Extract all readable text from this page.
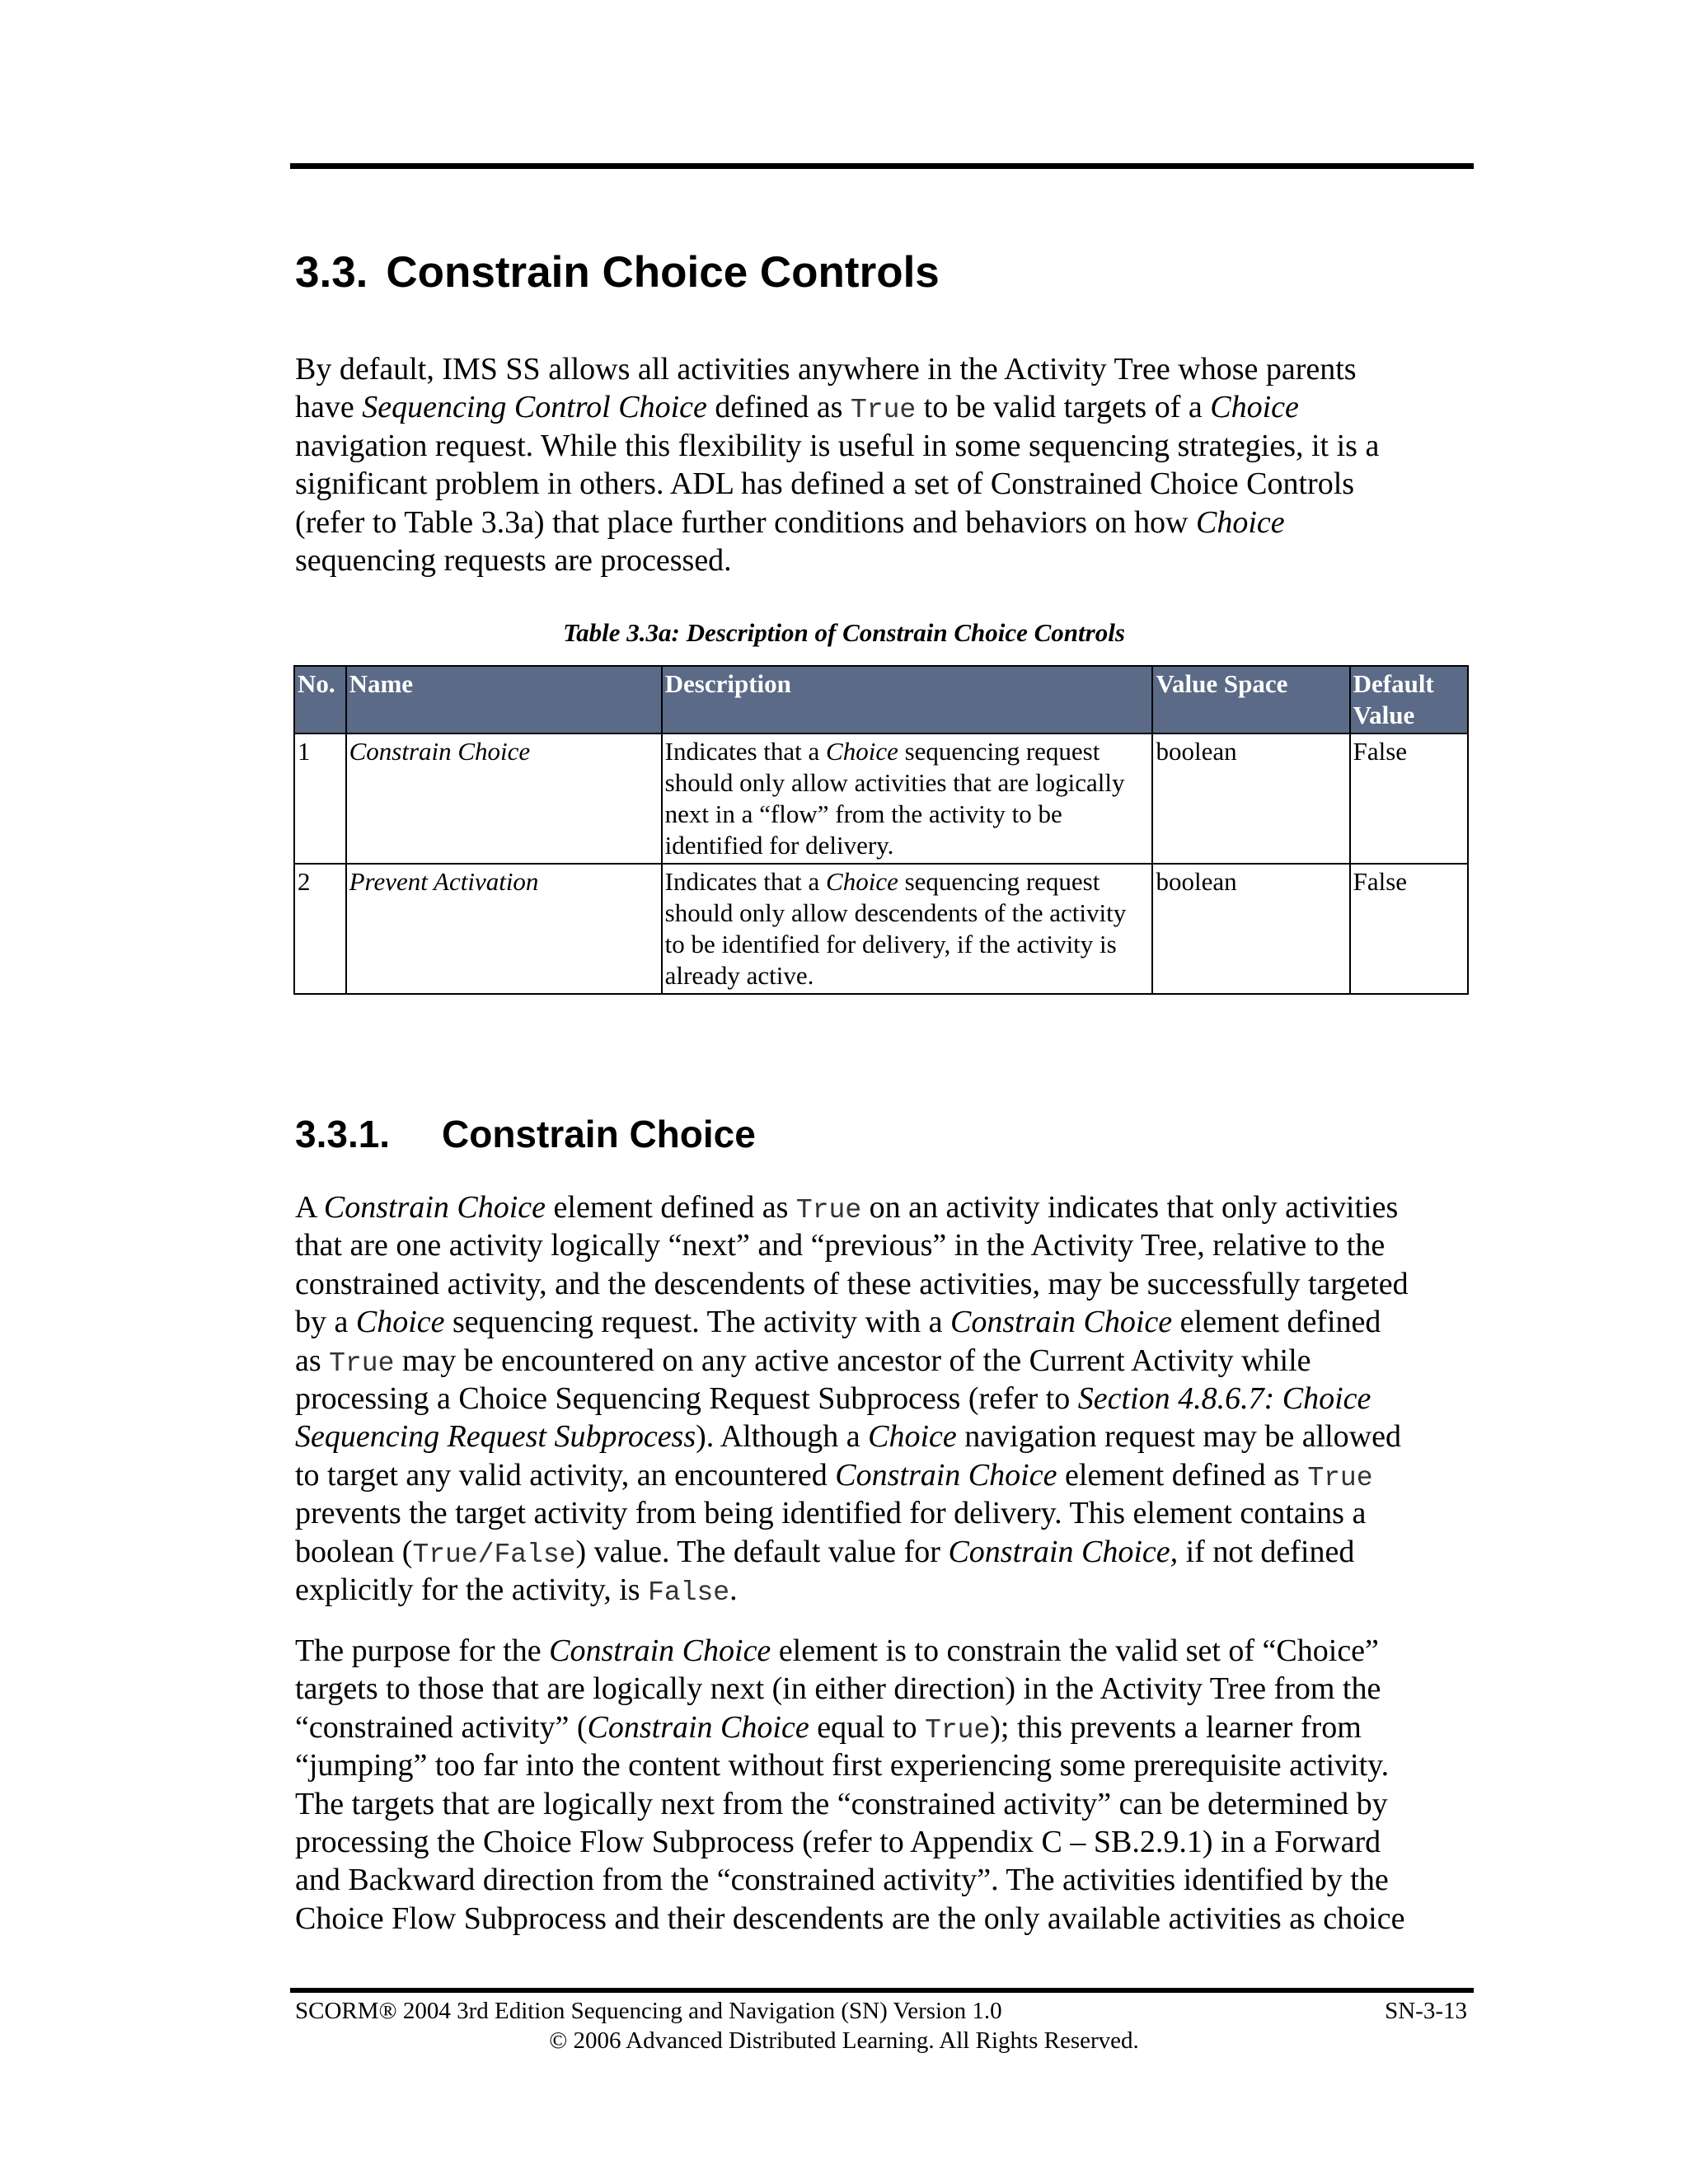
3.3. Constrain Choice Controls
By default, IMS SS allows all activities anywhere in the Activity Tree whose parents
have Sequencing Control Choice defined as True to be valid targets of a Choice
navigation request. While this flexibility is useful in some sequencing strategies, it is a
significant problem in others. ADL has defined a set of Constrained Choice Controls
(refer to Table 3.3a) that place further conditions and behaviors on how Choice
sequencing requests are processed.
Table 3.3a: Description of Constrain Choice Controls
No.	Name	Description	Value Space	Default Value
1	Constrain Choice	Indicates that a Choice sequencing request should only allow activities that are logically next in a “flow” from the activity to be identified for delivery.	boolean	False
2	Prevent Activation	Indicates that a Choice sequencing request should only allow descendents of the activity to be identified for delivery, if the activity is already active.	boolean	False
3.3.1. Constrain Choice
A Constrain Choice element defined as True on an activity indicates that only activities
that are one activity logically “next” and “previous” in the Activity Tree, relative to the
constrained activity, and the descendents of these activities, may be successfully targeted
by a Choice sequencing request. The activity with a Constrain Choice element defined
as True may be encountered on any active ancestor of the Current Activity while
processing a Choice Sequencing Request Subprocess (refer to Section 4.8.6.7: Choice
Sequencing Request Subprocess). Although a Choice navigation request may be allowed
to target any valid activity, an encountered Constrain Choice element defined as True
prevents the target activity from being identified for delivery. This element contains a
boolean (True/False) value. The default value for Constrain Choice, if not defined
explicitly for the activity, is False.
The purpose for the Constrain Choice element is to constrain the valid set of “Choice”
targets to those that are logically next (in either direction) in the Activity Tree from the
“constrained activity” (Constrain Choice equal to True); this prevents a learner from
“jumping” too far into the content without first experiencing some prerequisite activity.
The targets that are logically next from the “constrained activity” can be determined by
processing the Choice Flow Subprocess (refer to Appendix C – SB.2.9.1) in a Forward
and Backward direction from the “constrained activity”. The activities identified by the
Choice Flow Subprocess and their descendents are the only available activities as choice
SCORM® 2004 3rd Edition Sequencing and Navigation (SN) Version 1.0	SN-3-13
© 2006 Advanced Distributed Learning. All Rights Reserved.
